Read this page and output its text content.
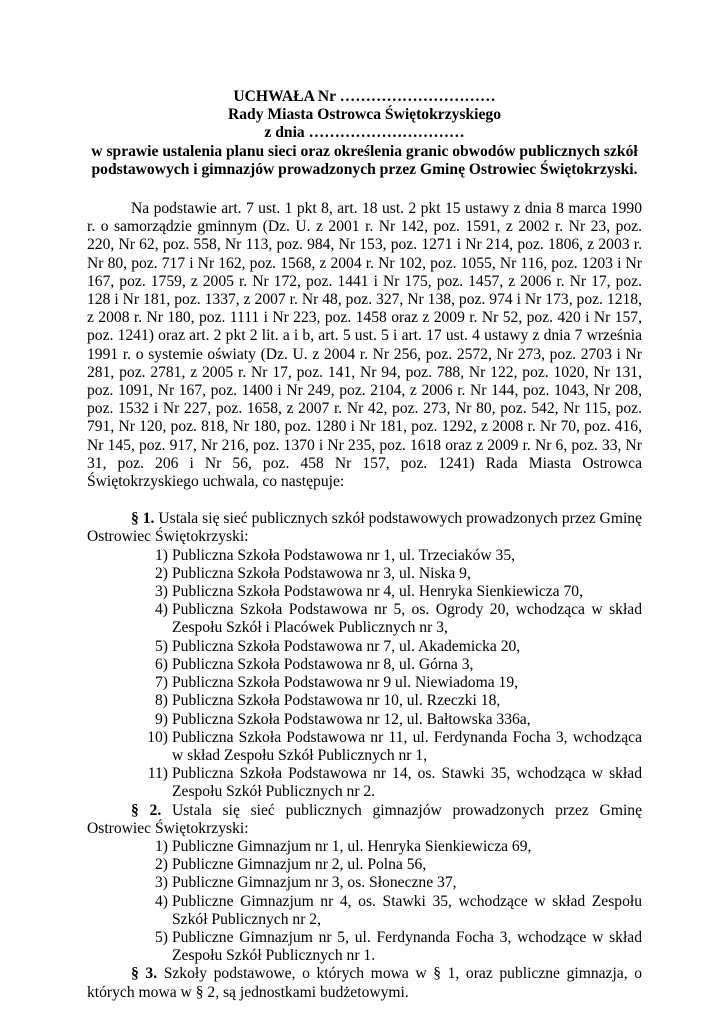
UCHWAŁA Nr …………………………
Rady Miasta Ostrowca Świętokrzyskiego
z dnia …………………………
w sprawie ustalenia planu sieci oraz określenia granic obwodów publicznych szkół
podstawowych i gimnazjów prowadzonych przez Gminę Ostrowiec Świętokrzyski.

Na podstawie art. 7 ust. 1 pkt 8, art. 18 ust. 2 pkt 15 ustawy z dnia 8 marca 1990 r. o samorządzie gminnym (Dz. U. z 2001 r. Nr 142, poz. 1591, z 2002 r. Nr 23, poz. 220, Nr 62, poz. 558, Nr 113, poz. 984, Nr 153, poz. 1271 i Nr 214, poz. 1806, z 2003 r. Nr 80, poz. 717 i Nr 162, poz. 1568, z 2004 r. Nr 102, poz. 1055, Nr 116, poz. 1203 i Nr 167, poz. 1759, z 2005 r. Nr 172, poz. 1441 i Nr 175, poz. 1457, z 2006 r. Nr 17, poz. 128 i Nr 181, poz. 1337, z 2007 r. Nr 48, poz. 327, Nr 138, poz. 974 i Nr 173, poz. 1218, z 2008 r. Nr 180, poz. 1111 i Nr 223, poz. 1458 oraz z 2009 r. Nr 52, poz. 420 i Nr 157, poz. 1241) oraz art. 2 pkt 2 lit. a i b, art. 5 ust. 5 i art. 17 ust. 4 ustawy z dnia 7 września 1991 r. o systemie oświaty (Dz. U. z 2004 r. Nr 256, poz. 2572, Nr 273, poz. 2703 i Nr 281, poz. 2781, z 2005 r. Nr 17, poz. 141, Nr 94, poz. 788, Nr 122, poz. 1020, Nr 131, poz. 1091, Nr 167, poz. 1400 i Nr 249, poz. 2104, z 2006 r. Nr 144, poz. 1043, Nr 208, poz. 1532 i Nr 227, poz. 1658, z 2007 r. Nr 42, poz. 273, Nr 80, poz. 542, Nr 115, poz. 791, Nr 120, poz. 818, Nr 180, poz. 1280 i Nr 181, poz. 1292, z 2008 r. Nr 70, poz. 416, Nr 145, poz. 917, Nr 216, poz. 1370 i Nr 235, poz. 1618 oraz z 2009 r. Nr 6, poz. 33, Nr 31, poz. 206 i Nr 56, poz. 458 Nr 157, poz. 1241) Rada Miasta Ostrowca Świętokrzyskiego uchwala, co następuje:

§ 1. Ustala się sieć publicznych szkół podstawowych prowadzonych przez Gminę Ostrowiec Świętokrzyski:

1) Publiczna Szkoła Podstawowa nr 1, ul. Trzeciaków 35,
2) Publiczna Szkoła Podstawowa nr 3, ul. Niska 9,
3) Publiczna Szkoła Podstawowa nr 4, ul. Henryka Sienkiewicza 70,
4) Publiczna Szkoła Podstawowa nr 5, os. Ogrody 20, wchodząca w skład Zespołu Szkół i Placówek Publicznych nr 3,
5) Publiczna Szkoła Podstawowa nr 7, ul. Akademicka 20,
6) Publiczna Szkoła Podstawowa nr 8, ul. Górna 3,
7) Publiczna Szkoła Podstawowa nr 9 ul. Niewiadoma 19,
8) Publiczna Szkoła Podstawowa nr 10, ul. Rzeczki 18,
9) Publiczna Szkoła Podstawowa nr 12, ul. Bałtowska 336a,
10) Publiczna Szkoła Podstawowa nr 11, ul. Ferdynanda Focha 3, wchodząca w skład Zespołu Szkół Publicznych nr 1,
11) Publiczna Szkoła Podstawowa nr 14, os. Stawki 35, wchodząca w skład Zespołu Szkół Publicznych nr 2.

§ 2. Ustala się sieć publicznych gimnazjów prowadzonych przez Gminę Ostrowiec Świętokrzyski:

1) Publiczne Gimnazjum nr 1, ul. Henryka Sienkiewicza 69,
2) Publiczne Gimnazjum nr 2, ul. Polna 56,
3) Publiczne Gimnazjum nr 3, os. Słoneczne 37,
4) Publiczne Gimnazjum nr 4, os. Stawki 35, wchodzące w skład Zespołu Szkół Publicznych nr 2,
5) Publiczne Gimnazjum nr 5, ul. Ferdynanda Focha 3, wchodzące w skład Zespołu Szkół Publicznych nr 1.

§ 3. Szkoły podstawowe, o których mowa w § 1, oraz publiczne gimnazja, o których mowa w § 2, są jednostkami budżetowymi.
